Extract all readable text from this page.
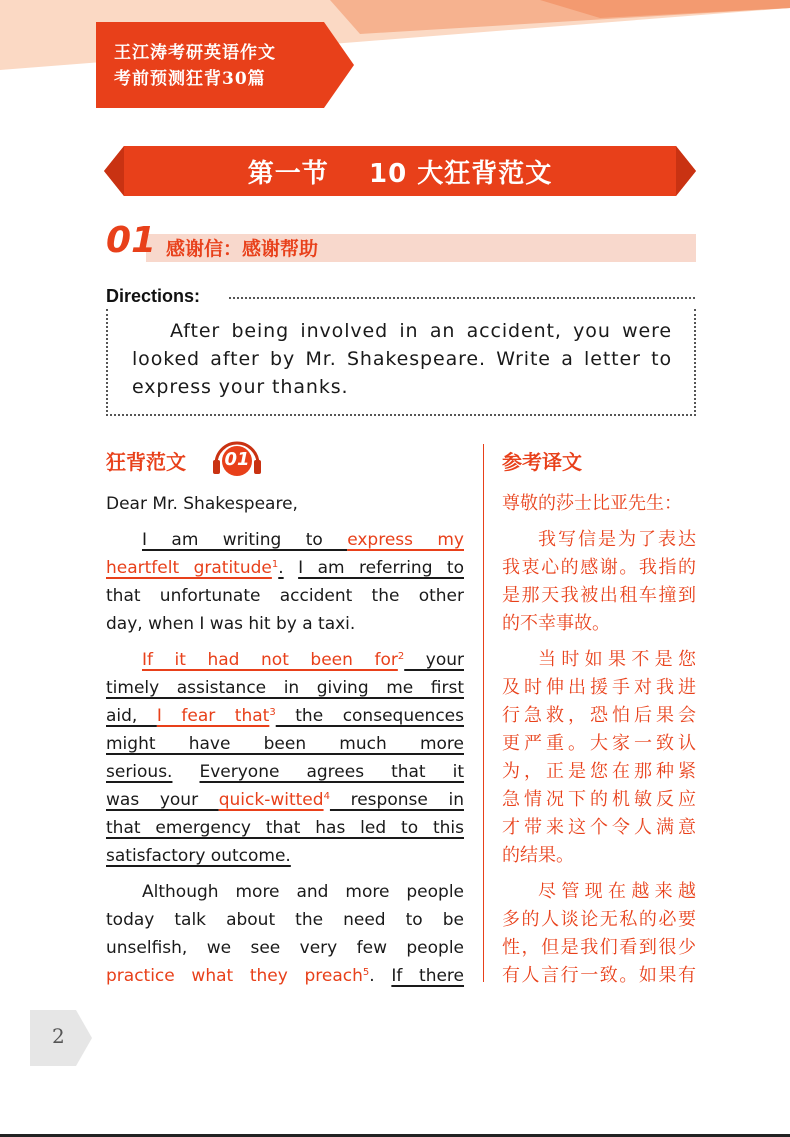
王江涛考研英语作文
考前预测狂背30篇
第一节
10 大狂背范文
01 感谢信：感谢帮助
Directions:
After being involved in an accident, you were looked after by Mr. Shakespeare. Write a letter to express your thanks.
狂背范文 01	参考译文
Dear Mr. Shakespeare,
I am writing to express my
heartfelt gratitude$^1$. I am referring to
that unfortunate accident the other
day, when I was hit by a taxi.
If it had not been for$^2$ your
timely assistance in giving me first
aid, I fear that$^3$ the consequences
might have been much more
serious. Everyone agrees that it
was your quick-witted$^4$ response in
that emergency that has led to this
satisfactory outcome.
Although more and more people
today talk about the need to be
unselfish, we see very few people
practice what they preach$^5$. If there
尊敬的莎士比亚先生：
我写信是为了表达
我衷心的感谢。我指的
是那天我被出租车撞到
的不幸事故。
当时如果不是您
及时伸出援手对我进
行急救，恐怕后果会
更严重。大家一致认
为，正是您在那种紧
急情况下的机敏反应
才带来这个令人满意
的结果。
尽管现在越来越
多的人谈论无私的必要
性，但是我们看到很少
有人言行一致。如果有
2
